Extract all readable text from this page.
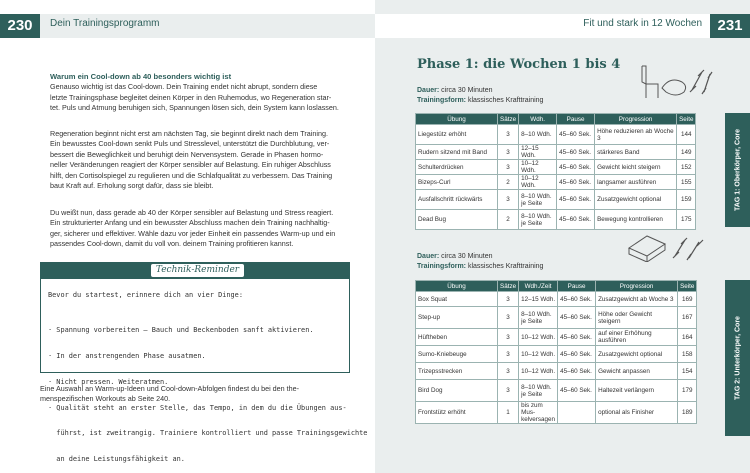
230	Dein Trainingsprogramm
Warum ein Cool-down ab 40 besonders wichtig ist
Genauso wichtig ist das Cool-down. Dein Training endet nicht abrupt, sondern diese
letzte Trainingsphase begleitet deinen Körper in den Ruhemodus, wo Regeneration star-
tet. Puls und Atmung beruhigen sich, Spannungen lösen sich, dein System kann loslassen.
Regeneration beginnt nicht erst am nächsten Tag, sie beginnt direkt nach dem Training.
Ein bewusstes Cool-down senkt Puls und Stresslevel, unterstützt die Durchblutung, ver-
bessert die Beweglichkeit und beruhigt dein Nervensystem. Gerade in Phasen hormo-
neller Veränderungen reagiert der Körper sensibler auf Belastung. Ein ruhiger Abschluss
hilft, den Cortisolspiegel zu regulieren und die Schlafqualität zu verbessern. Das Training
baut Kraft auf. Erholung sorgt dafür, dass sie bleibt.
Du weißt nun, dass gerade ab 40 der Körper sensibler auf Belastung und Stress reagiert.
Ein strukturierter Anfang und ein bewusster Abschluss machen dein Training nachhaltig-
ger, sicherer und effektiver. Wähle dazu vor jeder Einheit ein passendes Warm-up und ein
passendes Cool-down, damit du voll von. deinem Training profitieren kannst.
Technik-Reminder
Bevor du startest, erinnere dich an vier Dinge:

· Spannung vorbereiten – Bauch und Beckenboden sanft aktivieren.

· In der anstrengenden Phase ausatmen.

· Nicht pressen. Weiteratmen.

· Qualität steht an erster Stelle, das Tempo, in dem du die Übungen aus-

führst, ist zweitrangig. Trainiere kontrolliert und passe Trainingsgewichte

an deine Leistungsfähigkeit an.

Eine Auswahl an Warm-up-Ideen und Cool-down-Abfolgen findest du bei den the-
menspezifischen Workouts ab Seite 240.
Fit und stark in 12 Wochen	231
Phase 1: die Wochen 1 bis 4
Dauer: circa 30 Minuten
Trainingsform: klassisches Krafttraining
Übung	Sätze	Wdh.	Pause	Progression	Seite
Liegestütz erhöht	3	8–10 Wdh.	45–60 Sek.	Höhe reduzieren ab Woche 3	144
Rudern sitzend mit Band	3	12–15 Wdh.	45–60 Sek.	stärkeres Band	149
Schulterdrücken	3	10–12 Wdh.	45–60 Sek.	Gewicht leicht steigern	152
Bizeps-Curl	2	10–12 Wdh.	45–60 Sek.	langsamer ausführen	155
Ausfallschritt rückwärts	3	8–10 Wdh. je Seite	45–60 Sek.	Zusatzgewicht optional	159
Dead Bug	2	8–10 Wdh. je Seite	45–60 Sek.	Bewegung kontrollieren	175
TAG 1: Oberkörper, Core
Dauer: circa 30 Minuten
Trainingsform: klassisches Krafttraining
Übung	Sätze	Wdh./Zeit	Pause	Progression	Seite
Box Squat	3	12–15 Wdh.	45–60 Sek.	Zusatzgewicht ab Woche 3	169
Step-up	3	8–10 Wdh. je Seite	45–60 Sek.	Höhe oder Gewicht steigern	167
Hüftheben	3	10–12 Wdh.	45–60 Sek.	auf einer Erhöhung ausführen	164
Sumo-Kniebeuge	3	10–12 Wdh.	45–60 Sek.	Zusatzgewicht optional	158
Trizepsstrecken	3	10–12 Wdh.	45–60 Sek.	Gewicht anpassen	154
Bird Dog	3	8–10 Wdh. je Seite	45–60 Sek.	Haltezeit verlängern	179
Frontstütz erhöht	1	bis zum Mus-kelversagen		optional als Finisher	189
TAG 2: Unterkörper, Core
